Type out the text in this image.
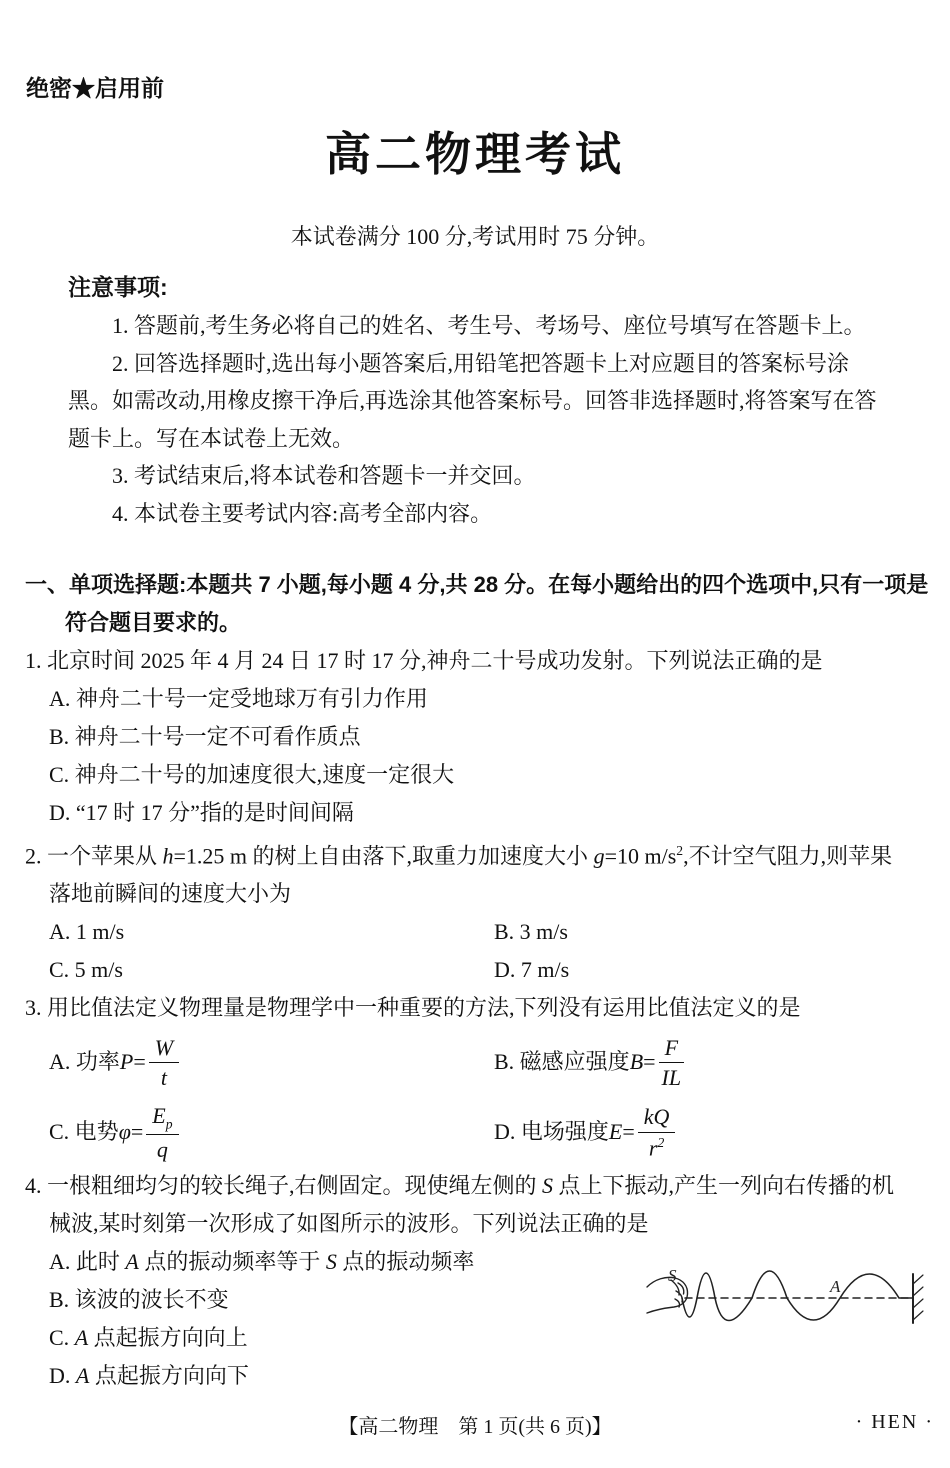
绝密★启用前
高二物理考试

本试卷满分 100 分,考试用时 75 分钟。

注意事项:

1. 答题前,考生务必将自己的姓名、考生号、考场号、座位号填写在答题卡上。

2. 回答选择题时,选出每小题答案后,用铅笔把答题卡上对应题目的答案标号涂黑。如需改动,用橡皮擦干净后,再选涂其他答案标号。回答非选择题时,将答案写在答题卡上。写在本试卷上无效。

3. 考试结束后,将本试卷和答题卡一并交回。

4. 本试卷主要考试内容:高考全部内容。

一、单项选择题:本题共 7 小题,每小题 4 分,共 28 分。在每小题给出的四个选项中,只有一项是符合题目要求的。

1. 北京时间 2025 年 4 月 24 日 17 时 17 分,神舟二十号成功发射。下列说法正确的是

A. 神舟二十号一定受地球万有引力作用

B. 神舟二十号一定不可看作质点

C. 神舟二十号的加速度很大,速度一定很大

D. “17 时 17 分”指的是时间间隔

2. 一个苹果从 h=1.25 m 的树上自由落下,取重力加速度大小 g=10 $m/s^2$,不计空气阻力,则苹果落地前瞬间的速度大小为

A. 1 m/s	B. 3 m/s

C. 5 m/s	D. 7 m/s

3. 用比值法定义物理量是物理学中一种重要的方法,下列没有运用比值法定义的是

A. 功率 $P = \frac{W}{t}$	B. 磁感应强度 $B = \frac{F}{IL}$
C. 电势 $\varphi = \frac{E_p}{q}$	D. 电场强度 $E = \frac{kQ}{r^2}$

4. 一根粗细均匀的较长绳子,右侧固定。现使绳左侧的 S 点上下振动,产生一列向右传播的机械波,某时刻第一次形成了如图所示的波形。下列说法正确的是

A. 此时 A 点的振动频率等于 S 点的振动频率

B. 该波的波长不变

C. A 点起振方向向上

D. A 点起振方向向下

S
A
【高二物理　第 1 页(共 6 页)】	· HEN ·
